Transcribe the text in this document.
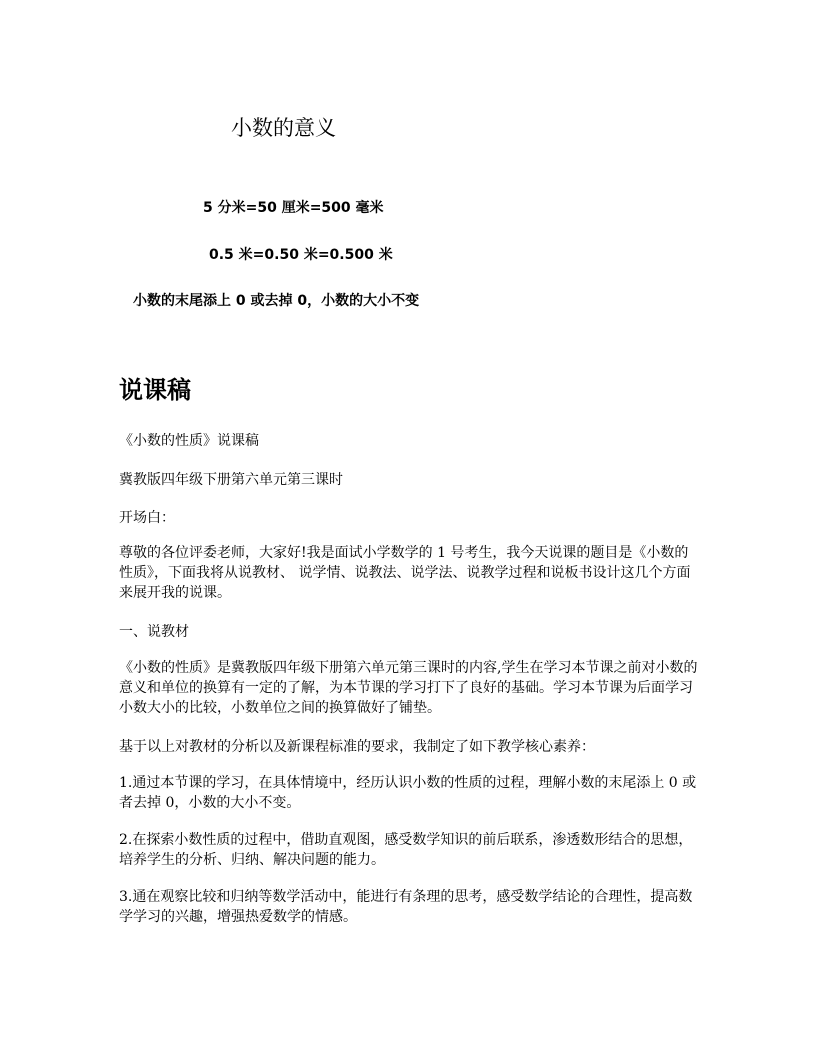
小数的意义
5 分米=50 厘米=500 毫米
0.5 米=0.50 米=0.500 米
小数的末尾添上 0 或去掉 0，小数的大小不变
说课稿

《小数的性质》说课稿

冀教版四年级下册第六单元第三课时

开场白：

尊敬的各位评委老师，大家好!我是面试小学数学的 1 号考生，我今天说课的题目是《小数的性质》，下面我将从说教材、 说学情、说教法、说学法、说教学过程和说板书设计这几个方面来展开我的说课。

一、说教材

《小数的性质》是冀教版四年级下册第六单元第三课时的内容,学生在学习本节课之前对小数的意义和单位的换算有一定的了解，为本节课的学习打下了良好的基础。学习本节课为后面学习小数大小的比较，小数单位之间的换算做好了铺垫。

基于以上对教材的分析以及新课程标准的要求，我制定了如下教学核心素养：

1.通过本节课的学习，在具体情境中，经历认识小数的性质的过程，理解小数的末尾添上 0 或者去掉 0，小数的大小不变。

2.在探索小数性质的过程中，借助直观图，感受数学知识的前后联系，渗透数形结合的思想，培养学生的分析、归纳、解决问题的能力。

3.通在观察比较和归纳等数学活动中，能进行有条理的思考，感受数学结论的合理性，提高数学学习的兴趣，增强热爱数学的情感。
